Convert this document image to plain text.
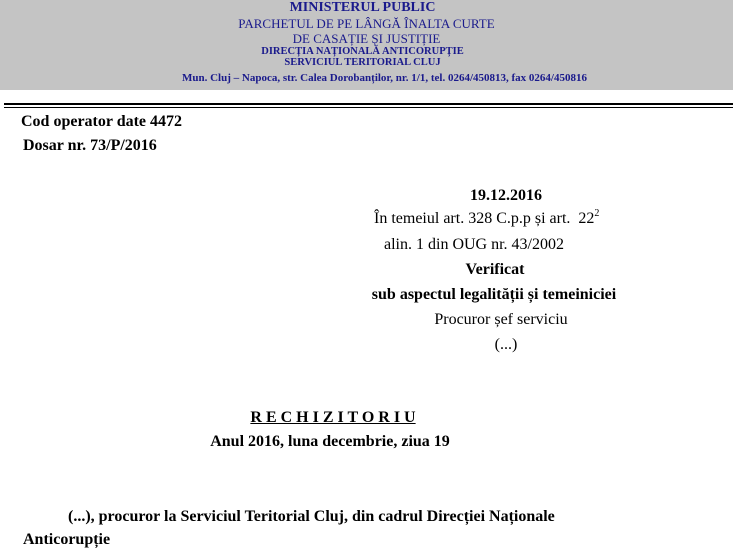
MINISTERUL PUBLIC
PARCHETUL DE PE LÂNGĂ ÎNALTA CURTE
DE CASAȚIE ȘI JUSTIȚIE
DIRECȚIA NAȚIONALĂ ANTICORUPȚIE
SERVICIUL TERITORIAL CLUJ
Mun. Cluj – Napoca, str. Calea Dorobanților, nr. 1/1, tel. 0264/450813, fax 0264/450816
Cod operator date 4472
Dosar nr. 73/P/2016
19.12.2016
În temeiul art. 328 C.p.p și art.  $22^2$
alin. 1 din OUG nr. 43/2002
Verificat
sub aspectul legalității și temeiniciei
Procuror șef serviciu
(...)
R E C H I Z I T O R I U
Anul 2016, luna decembrie, ziua 19
(...), procuror la Serviciul Teritorial Cluj, din cadrul Direcției Naționale
Anticorupție
